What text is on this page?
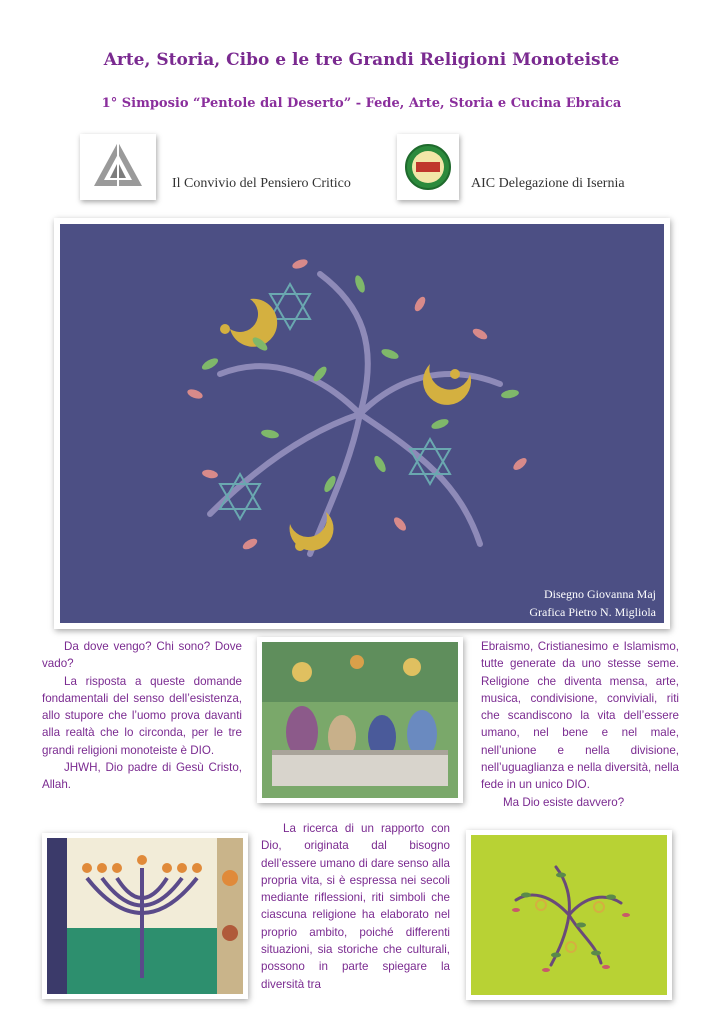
Arte, Storia, Cibo e le tre Grandi Religioni Monoteiste
1° Simposio “Pentole dal Deserto” - Fede, Arte, Storia e Cucina Ebraica
Il Convivio del Pensiero Critico	AIC Delegazione di Isernia
Disegno Giovanna Maj
Grafica Pietro N. Migliola

Da dove vengo? Chi sono? Dove vado?

La risposta a queste domande fondamentali del senso dell’esistenza, allo stupore che l’uomo prova davanti alla realtà che lo circonda, per le tre grandi religioni monoteiste è DIO.

JHWH, Dio padre di Gesù Cristo, Allah.

La ricerca di un rapporto con Dio, originata dal bisogno dell’essere umano di dare senso alla propria vita, si è espressa nei secoli mediante riflessioni, riti simboli che ciascuna religione ha elaborato nel proprio ambito, poiché differenti situazioni, sia storiche che culturali, possono in parte spiegare la diversità tra

Ebraismo, Cristianesimo e Islamismo, tutte generate da uno stesse seme. Religione che diventa mensa, arte, musica, condivisione, conviviali, riti che scandiscono la vita dell’essere umano, nel bene e nel male, nell’unione e nella divisione, nell’uguaglianza e nella diversità, nella fede in un unico DIO.

Ma Dio esiste davvero?
